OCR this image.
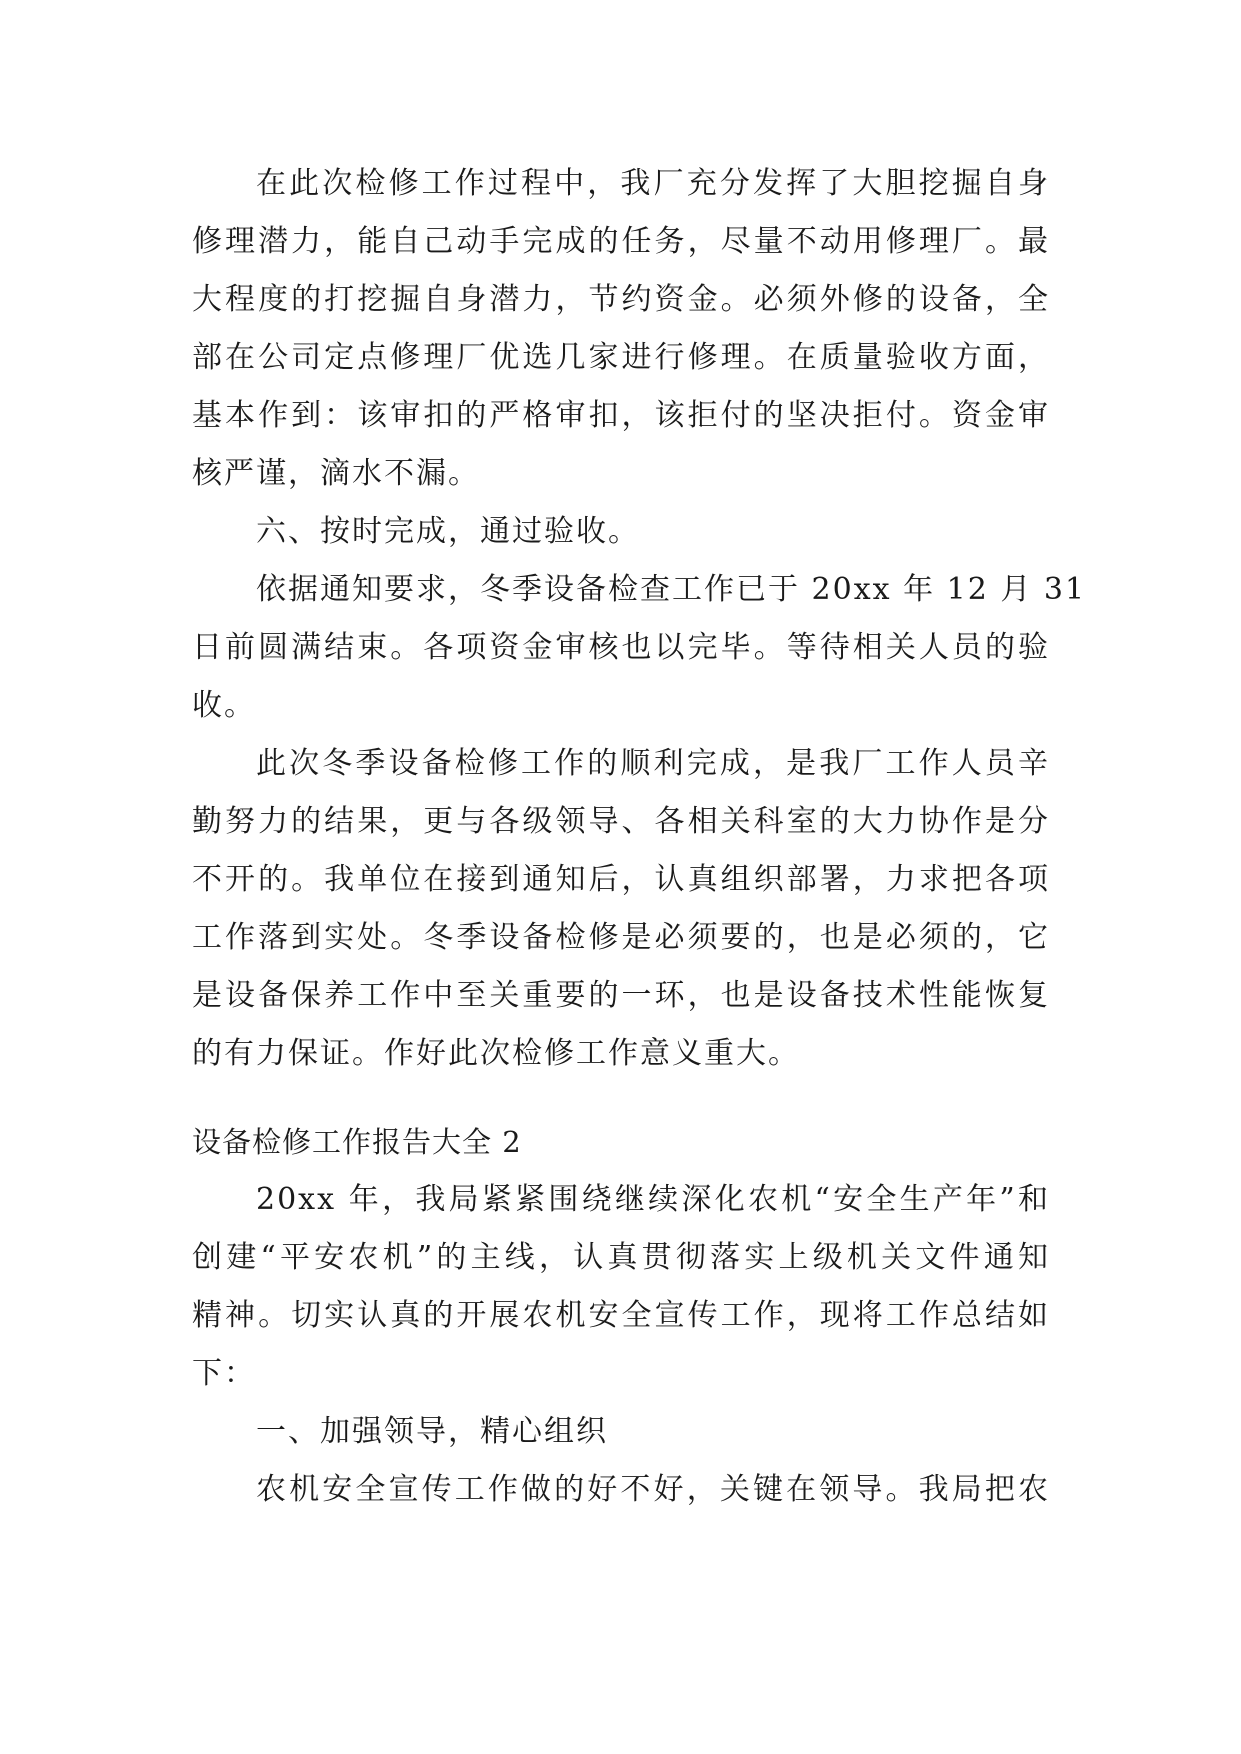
在此次检修工作过程中，我厂充分发挥了大胆挖掘自身
修理潜力，能自己动手完成的任务，尽量不动用修理厂。最
大程度的打挖掘自身潜力，节约资金。必须外修的设备，全
部在公司定点修理厂优选几家进行修理。在质量验收方面，
基本作到：该审扣的严格审扣，该拒付的坚决拒付。资金审
核严谨，滴水不漏。
六、按时完成，通过验收。
依据通知要求，冬季设备检查工作已于 20xx 年 12 月 31
日前圆满结束。各项资金审核也以完毕。等待相关人员的验
收。
此次冬季设备检修工作的顺利完成，是我厂工作人员辛
勤努力的结果，更与各级领导、各相关科室的大力协作是分
不开的。我单位在接到通知后，认真组织部署，力求把各项
工作落到实处。冬季设备检修是必须要的，也是必须的，它
是设备保养工作中至关重要的一环，也是设备技术性能恢复
的有力保证。作好此次检修工作意义重大。
设备检修工作报告大全 2
20xx 年，我局紧紧围绕继续深化农机“安全生产年”和
创建“平安农机”的主线，认真贯彻落实上级机关文件通知
精神。切实认真的开展农机安全宣传工作，现将工作总结如
下：
一、加强领导，精心组织
农机安全宣传工作做的好不好，关键在领导。我局把农
